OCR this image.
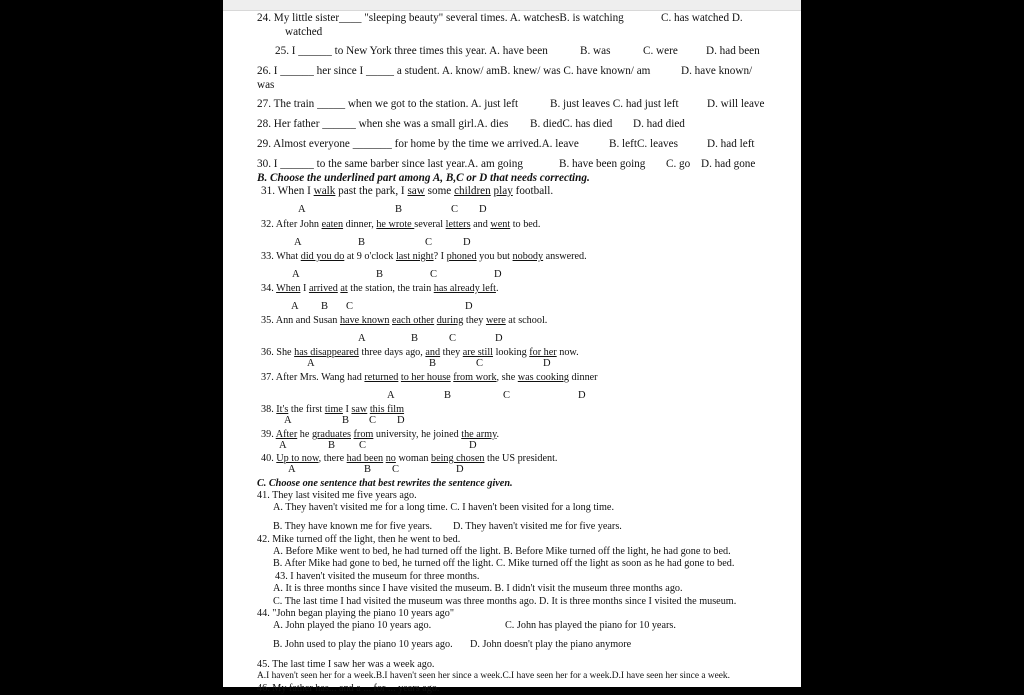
24. My little sister____ "sleeping beauty" several times. A. watchesB. is watching	C. has watched D.
watched
25. I ______ to New York three times this year. A. have been	B. was	C. were	D. had been
26. I ______ her since I _____ a student. A. know/ amB. knew/ was C. have known/ am	D. have known/
was
27. The train _____ when we got to the station. A. just left	B. just leaves C. had just left	D. will leave
28. Her father ______ when she was a small girl.A. dies B. diedC. has died D. had died
29. Almost everyone _______ for home by the time we arrived.A. leave	B. leftC. leaves	D. had left
30. I ______ to the same barber since last year.A. am going	B. have been going C. go D. had gone
B. Choose the underlined part among A, B,C or D that needs correcting.
31. When I walk past the park, I saw some children play football.
A	B	C D
32. After John eaten dinner, he wrote several letters and went to bed.
A	B	C	D
33. What did you do at 9 o'clock last night? I phoned you but nobody answered.
A	B	C	D
34. When I arrived at the station, the train has already left.
A B C	D
35. Ann and Susan have known each other during they were at school.
A	B	C	D
36. She has disappeared three days ago, and they are still looking for her now.
A	B	C	D
37. After Mrs. Wang had returned to her house from work, she was cooking dinner
A	B	C	D
38. It's the first time I saw this film
A	B C D
39. After he graduates from university, he joined the army.
A	B C	D
40. Up to now, there had been no woman being chosen the US president.
A	B C	D
C. Choose one sentence that best rewrites the sentence given.
41. They last visited me five years ago.
A. They haven't visited me for a long time. C. I haven't been visited for a long time.
B. They have known me for five years. D. They haven't visited me for five years.
42. Mike turned off the light, then he went to bed.
A. Before Mike went to bed, he had turned off the light. B. Before Mike turned off the light, he had gone to bed.
B. After Mike had gone to bed, he turned off the light. C. Mike turned off the light as soon as he had gone to bed.
43. I haven't visited the museum for three months.
A. It is three months since I have visited the museum. B. I didn't visit the museum three months ago.
C. The last time I had visited the museum was three months ago. D. It is three months since I visited the museum.
44. "John began playing the piano 10 years ago"
A. John played the piano 10 years ago.	C. John has played the piano for 10 years.
B. John used to play the piano 10 years ago. D. John doesn't play the piano anymore
45. The last time I saw her was a week ago.
A.I haven't seen her for a week.B.I haven't seen her since a week.C.I have seen her for a week.D.I have seen her since a week.
46. My father has... and a ... for ... years ago.
